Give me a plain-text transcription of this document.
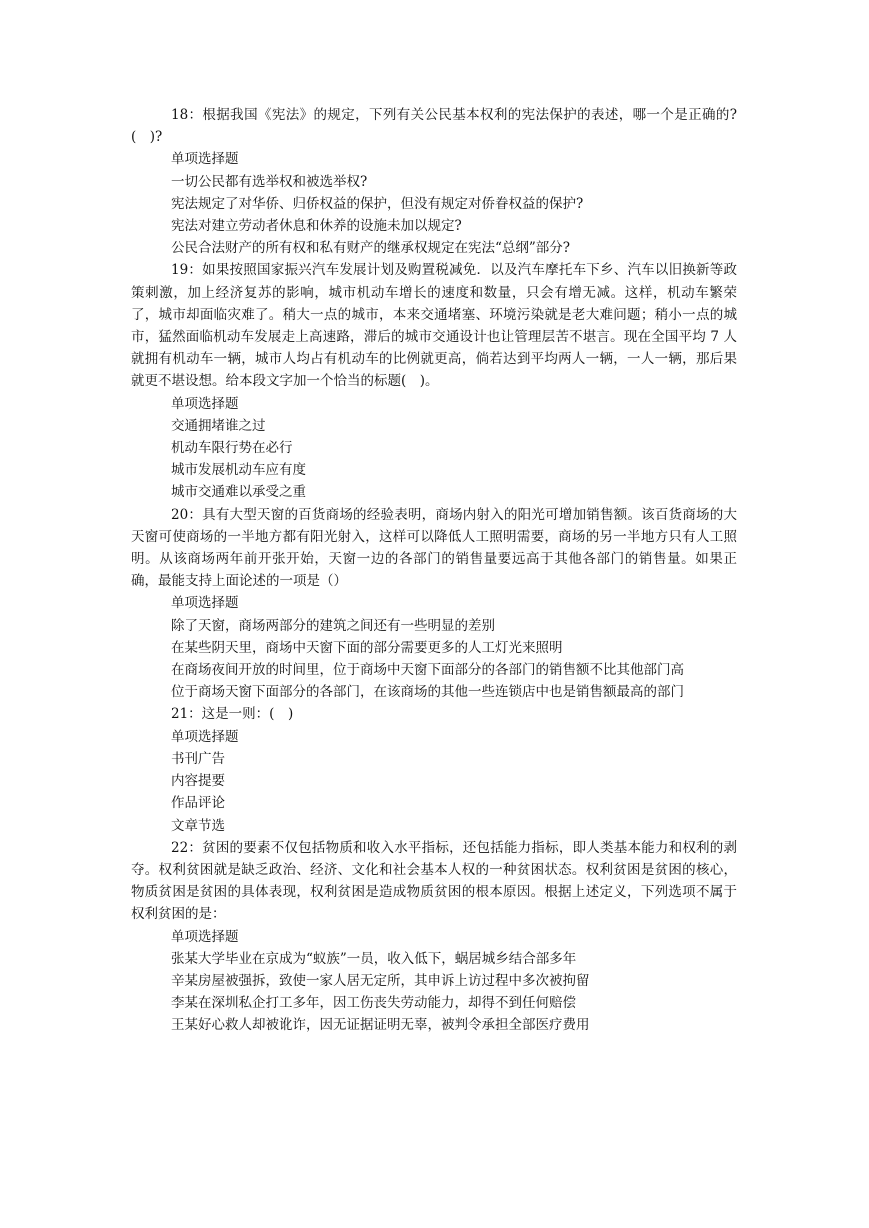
18：根据我国《宪法》的规定，下列有关公民基本权利的宪法保护的表述，哪一个是正确的?(　)?

单项选择题

一切公民都有选举权和被选举权?

宪法规定了对华侨、归侨权益的保护，但没有规定对侨眷权益的保护?

宪法对建立劳动者休息和休养的设施未加以规定?

公民合法财产的所有权和私有财产的继承权规定在宪法“总纲”部分?

19：如果按照国家振兴汽车发展计划及购置税减免．以及汽车摩托车下乡、汽车以旧换新等政策刺激，加上经济复苏的影响，城市机动车增长的速度和数量，只会有增无减。这样，机动车繁荣了，城市却面临灾难了。稍大一点的城市，本来交通堵塞、环境污染就是老大难问题；稍小一点的城市，猛然面临机动车发展走上高速路，滞后的城市交通设计也让管理层苦不堪言。现在全国平均 7 人就拥有机动车一辆，城市人均占有机动车的比例就更高，倘若达到平均两人一辆，一人一辆，那后果就更不堪设想。给本段文字加一个恰当的标题(　)。

单项选择题

交通拥堵谁之过

机动车限行势在必行

城市发展机动车应有度

城市交通难以承受之重

20：具有大型天窗的百货商场的经验表明，商场内射入的阳光可增加销售额。该百货商场的大天窗可使商场的一半地方都有阳光射入，这样可以降低人工照明需要，商场的另一半地方只有人工照明。从该商场两年前开张开始，天窗一边的各部门的销售量要远高于其他各部门的销售量。如果正确，最能支持上面论述的一项是（）

单项选择题

除了天窗，商场两部分的建筑之间还有一些明显的差别

在某些阴天里，商场中天窗下面的部分需要更多的人工灯光来照明

在商场夜间开放的时间里，位于商场中天窗下面部分的各部门的销售额不比其他部门高

位于商场天窗下面部分的各部门，在该商场的其他一些连锁店中也是销售额最高的部门

21：这是一则：(　)

单项选择题

书刊广告

内容提要

作品评论

文章节选

22：贫困的要素不仅包括物质和收入水平指标，还包括能力指标，即人类基本能力和权利的剥夺。权利贫困就是缺乏政治、经济、文化和社会基本人权的一种贫困状态。权利贫困是贫困的核心，物质贫困是贫困的具体表现，权利贫困是造成物质贫困的根本原因。根据上述定义，下列选项不属于权利贫困的是：

单项选择题

张某大学毕业在京成为“蚁族”一员，收入低下，蜗居城乡结合部多年

辛某房屋被强拆，致使一家人居无定所，其申诉上访过程中多次被拘留

李某在深圳私企打工多年，因工伤丧失劳动能力，却得不到任何赔偿

王某好心救人却被讹诈，因无证据证明无辜，被判令承担全部医疗费用
